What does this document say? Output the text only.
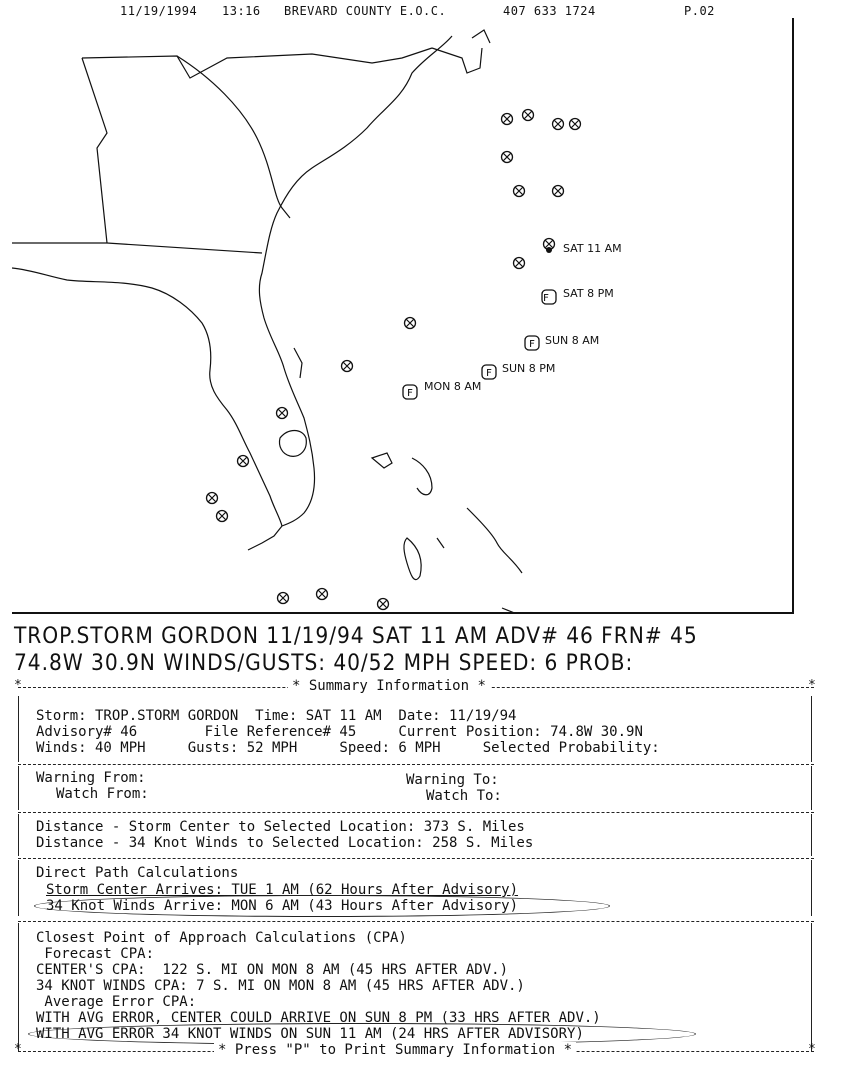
11/19/1994 13:16 BREVARD COUNTY E.O.C.	407 633 1724	P.02
F
F
F
F
SAT 11 AM
SAT 8 PM
SUN 8 AM
SUN 8 PM
MON 8 AM
TROP.STORM GORDON 11/19/94 SAT 11 AM ADV# 46 FRN# 45
74.8W 30.9N WINDS/GUSTS: 40/52 MPH SPEED: 6 PROB:
*	* Summary Information *	*
Storm: TROP.STORM GORDON  Time: SAT 11 AM  Date: 11/19/94
Advisory# 46        File Reference# 45     Current Position: 74.8W 30.9N
Winds: 40 MPH     Gusts: 52 MPH     Speed: 6 MPH     Selected Probability:
Warning From:
Watch From:
Warning To:
Watch To:
Distance - Storm Center to Selected Location: 373 S. Miles
Distance - 34 Knot Winds to Selected Location: 258 S. Miles
Direct Path Calculations
Storm Center Arrives: TUE 1 AM (62 Hours After Advisory)
34 Knot Winds Arrive: MON 6 AM (43 Hours After Advisory)
Closest Point of Approach Calculations (CPA)
Forecast CPA:
CENTER'S CPA:  122 S. MI ON MON 8 AM (45 HRS AFTER ADV.)
34 KNOT WINDS CPA: 7 S. MI ON MON 8 AM (45 HRS AFTER ADV.)
Average Error CPA:
WITH AVG ERROR, CENTER COULD ARRIVE ON SUN 8 PM (33 HRS AFTER ADV.)
WITH AVG ERROR 34 KNOT WINDS ON SUN 11 AM (24 HRS AFTER ADVISORY)
*	* Press "P" to Print Summary Information *	*
